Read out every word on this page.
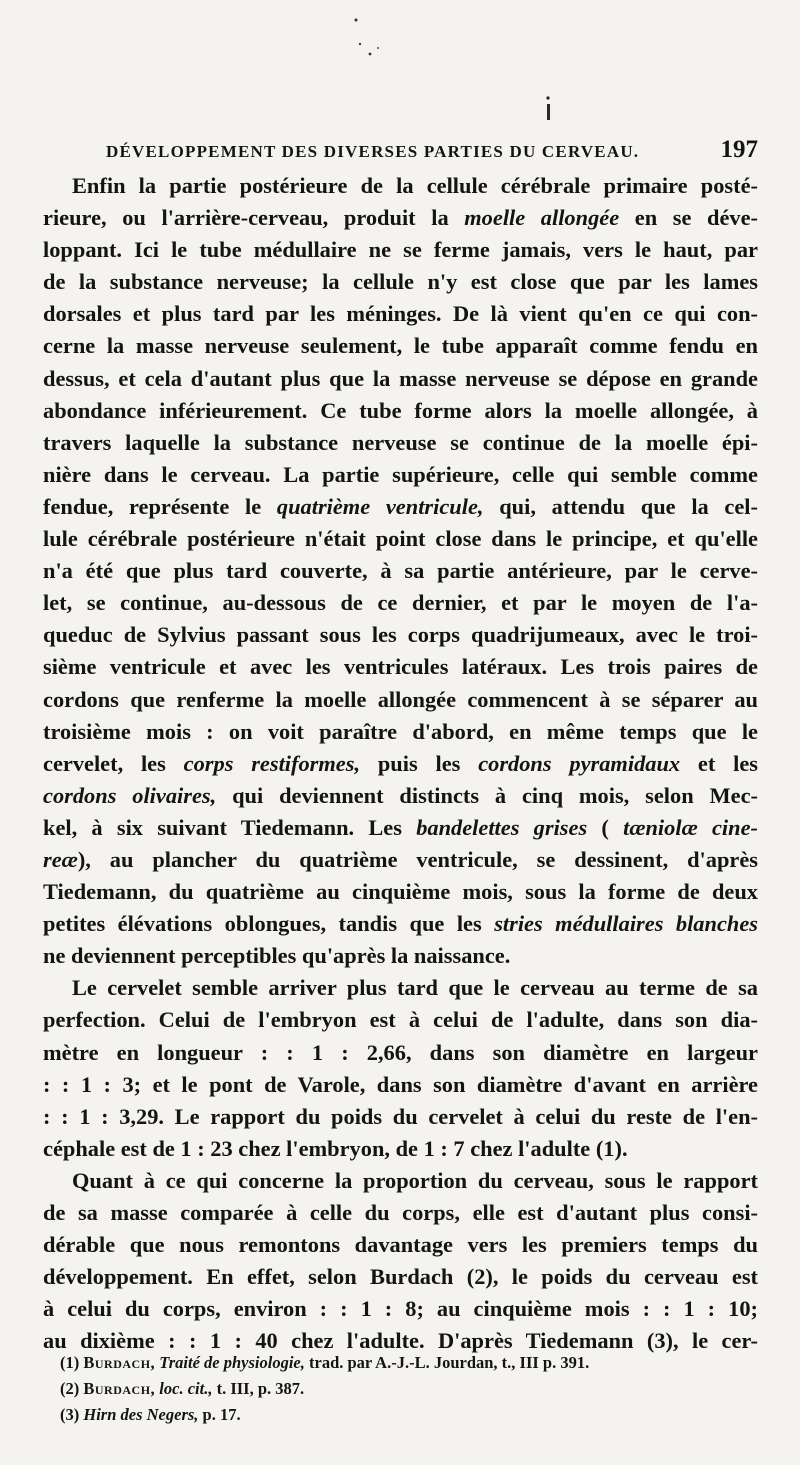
DÉVELOPPEMENT DES DIVERSES PARTIES DU CERVEAU.	197
Enfin la partie postérieure de la cellule cérébrale primaire posté-
rieure, ou l'arrière-cerveau, produit la moelle allongée en se déve-
loppant. Ici le tube médullaire ne se ferme jamais, vers le haut, par
de la substance nerveuse; la cellule n'y est close que par les lames
dorsales et plus tard par les méninges. De là vient qu'en ce qui con-
cerne la masse nerveuse seulement, le tube apparaît comme fendu en
dessus, et cela d'autant plus que la masse nerveuse se dépose en grande
abondance inférieurement. Ce tube forme alors la moelle allongée, à
travers laquelle la substance nerveuse se continue de la moelle épi-
nière dans le cerveau. La partie supérieure, celle qui semble comme
fendue, représente le quatrième ventricule, qui, attendu que la cel-
lule cérébrale postérieure n'était point close dans le principe, et qu'elle
n'a été que plus tard couverte, à sa partie antérieure, par le cerve-
let, se continue, au-dessous de ce dernier, et par le moyen de l'a-
queduc de Sylvius passant sous les corps quadrijumeaux, avec le troi-
sième ventricule et avec les ventricules latéraux. Les trois paires de
cordons que renferme la moelle allongée commencent à se séparer au
troisième mois : on voit paraître d'abord, en même temps que le
cervelet, les corps restiformes, puis les cordons pyramidaux et les
cordons olivaires, qui deviennent distincts à cinq mois, selon Mec-
kel, à six suivant Tiedemann. Les bandelettes grises ( tæniolæ cine-
reæ), au plancher du quatrième ventricule, se dessinent, d'après
Tiedemann, du quatrième au cinquième mois, sous la forme de deux
petites élévations oblongues, tandis que les stries médullaires blanches
ne deviennent perceptibles qu'après la naissance.
Le cervelet semble arriver plus tard que le cerveau au terme de sa
perfection. Celui de l'embryon est à celui de l'adulte, dans son dia-
mètre en longueur : : 1 : 2,66, dans son diamètre en largeur
: : 1 : 3; et le pont de Varole, dans son diamètre d'avant en arrière
: : 1 : 3,29. Le rapport du poids du cervelet à celui du reste de l'en-
céphale est de 1 : 23 chez l'embryon, de 1 : 7 chez l'adulte (1).
Quant à ce qui concerne la proportion du cerveau, sous le rapport
de sa masse comparée à celle du corps, elle est d'autant plus consi-
dérable que nous remontons davantage vers les premiers temps du
développement. En effet, selon Burdach (2), le poids du cerveau est
à celui du corps, environ : : 1 : 8; au cinquième mois : : 1 : 10;
au dixième : : 1 : 40 chez l'adulte. D'après Tiedemann (3), le cer-
(1) Burdach, Traité de physiologie, trad. par A.-J.-L. Jourdan, t., III p. 391.
(2) Burdach, loc. cit., t. III, p. 387.
(3) Hirn des Negers, p. 17.
